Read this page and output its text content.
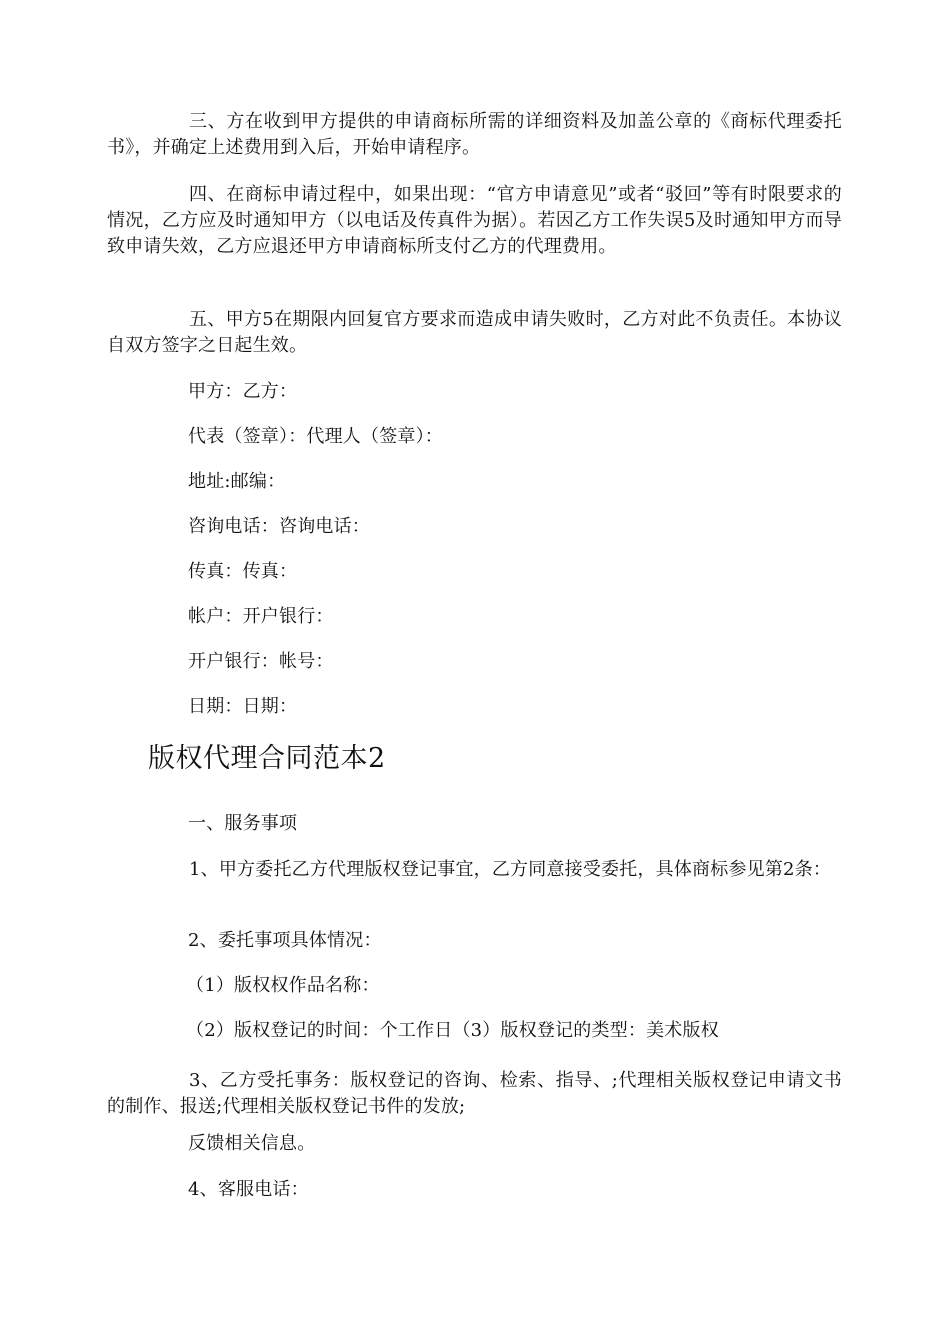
三、方在收到甲方提供的申请商标所需的详细资料及加盖公章的《商标代理委托书》，并确定上述费用到入后，开始申请程序。

四、在商标申请过程中，如果出现：“官方申请意见”或者“驳回”等有时限要求的情况，乙方应及时通知甲方（以电话及传真件为据）。若因乙方工作失误5及时通知甲方而导致申请失效，乙方应退还甲方申请商标所支付乙方的代理费用。

五、甲方5在期限内回复官方要求而造成申请失败时，乙方对此不负责任。本协议自双方签字之日起生效。

甲方：乙方：

代表（签章）：代理人（签章）：

地址:邮编：

咨询电话：咨询电话：

传真：传真：

帐户：开户银行：

开户银行：帐号：

日期：日期：

版权代理合同范本2

一、服务事项

1、甲方委托乙方代理版权登记事宜，乙方同意接受委托，具体商标参见第2条：

2、委托事项具体情况：

（1）版权权作品名称：

（2）版权登记的时间：个工作日（3）版权登记的类型：美术版权

3、乙方受托事务：版权登记的咨询、检索、指导、;代理相关版权登记申请文书的制作、报送;代理相关版权登记书件的发放;

反馈相关信息。

4、客服电话：
